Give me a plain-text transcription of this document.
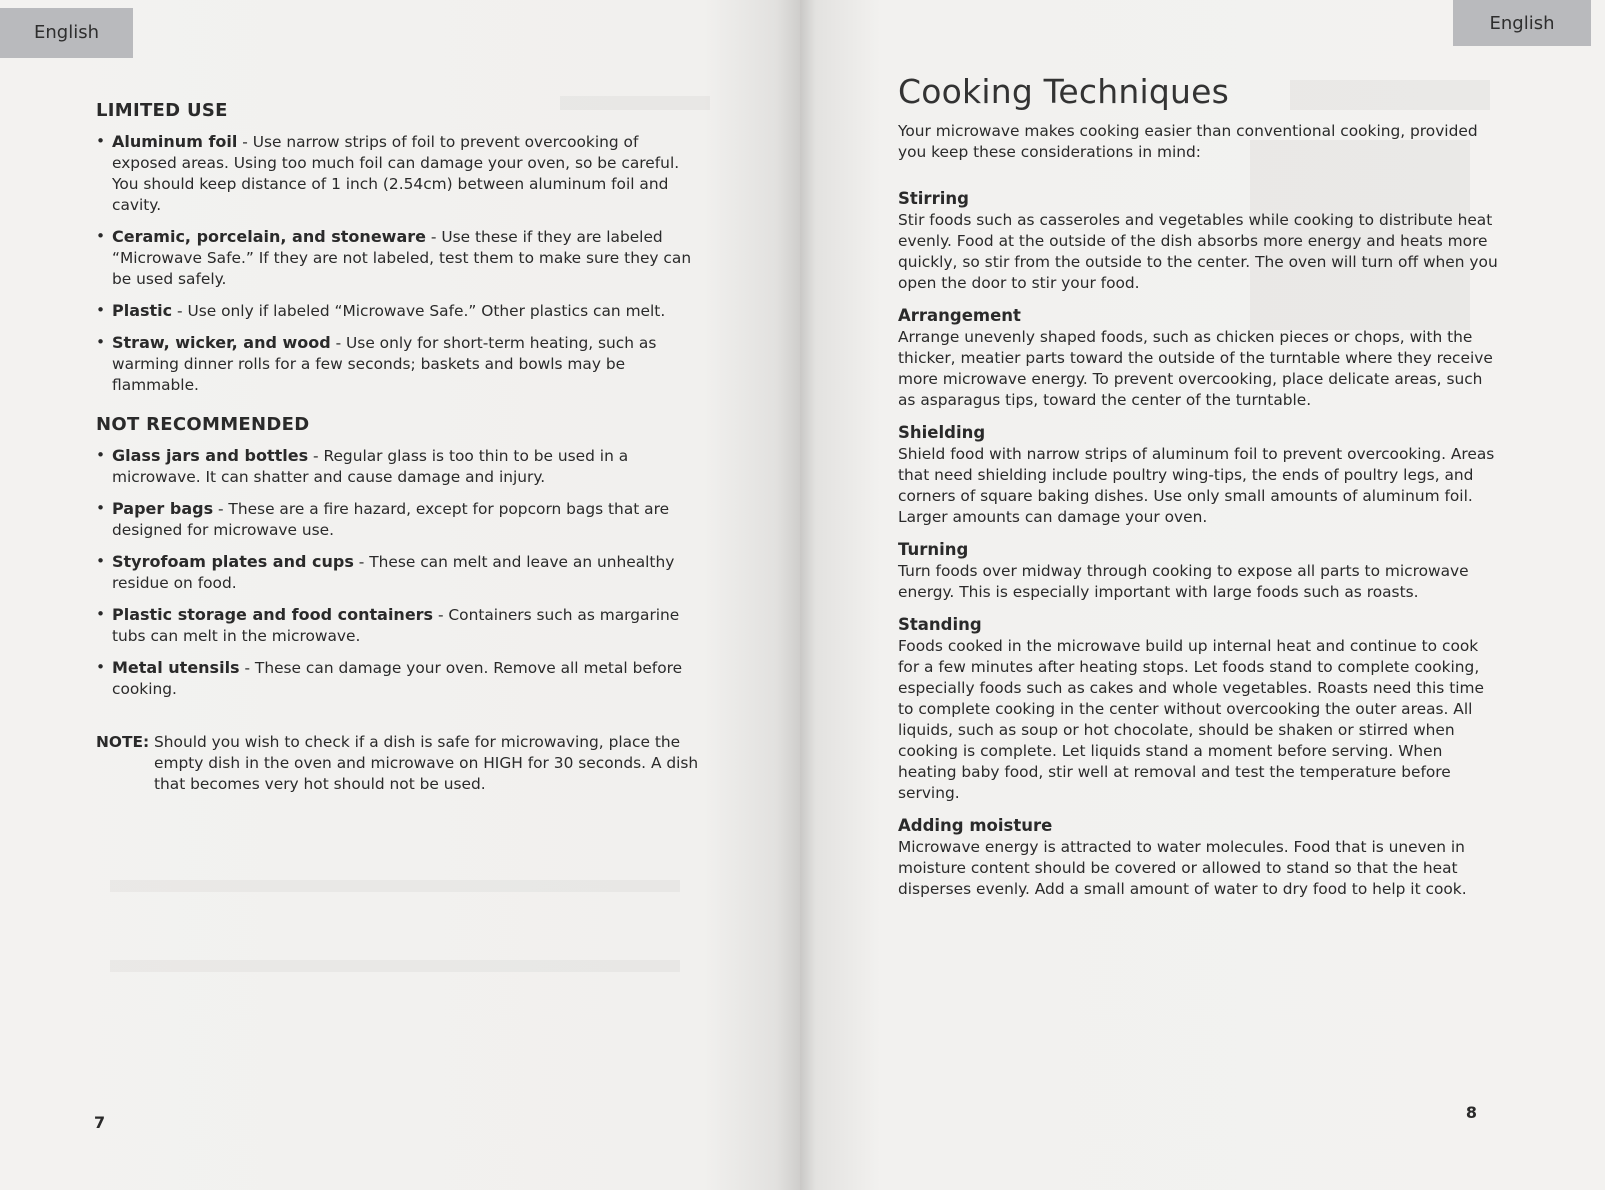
English
LIMITED USE
• Aluminum foil - Use narrow strips of foil to prevent overcooking of exposed areas. Using too much foil can damage your oven, so be careful. You should keep distance of 1 inch (2.54cm) between aluminum foil and cavity.
• Ceramic, porcelain, and stoneware - Use these if they are labeled “Microwave Safe.” If they are not labeled, test them to make sure they can be used safely.
• Plastic - Use only if labeled “Microwave Safe.” Other plastics can melt.
• Straw, wicker, and wood - Use only for short-term heating, such as warming dinner rolls for a few seconds; baskets and bowls may be flammable.
NOT RECOMMENDED
• Glass jars and bottles - Regular glass is too thin to be used in a microwave. It can shatter and cause damage and injury.
• Paper bags - These are a fire hazard, except for popcorn bags that are designed for microwave use.
• Styrofoam plates and cups - These can melt and leave an unhealthy residue on food.
• Plastic storage and food containers - Containers such as margarine tubs can melt in the microwave.
• Metal utensils - These can damage your oven. Remove all metal before cooking.
NOTE: Should you wish to check if a dish is safe for microwaving, place the empty dish in the oven and microwave on HIGH for 30 seconds. A dish that becomes very hot should not be used.
7
English
Cooking Techniques

Your microwave makes cooking easier than conventional cooking, provided you keep these considerations in mind:

Stirring

Stir foods such as casseroles and vegetables while cooking to distribute heat evenly. Food at the outside of the dish absorbs more energy and heats more quickly, so stir from the outside to the center. The oven will turn off when you open the door to stir your food.

Arrangement

Arrange unevenly shaped foods, such as chicken pieces or chops, with the thicker, meatier parts toward the outside of the turntable where they receive more microwave energy. To prevent overcooking, place delicate areas, such as asparagus tips, toward the center of the turntable.

Shielding

Shield food with narrow strips of aluminum foil to prevent overcooking. Areas that need shielding include poultry wing-tips, the ends of poultry legs, and corners of square baking dishes. Use only small amounts of aluminum foil. Larger amounts can damage your oven.

Turning

Turn foods over midway through cooking to expose all parts to microwave energy. This is especially important with large foods such as roasts.

Standing

Foods cooked in the microwave build up internal heat and continue to cook for a few minutes after heating stops. Let foods stand to complete cooking, especially foods such as cakes and whole vegetables. Roasts need this time to complete cooking in the center without overcooking the outer areas. All liquids, such as soup or hot chocolate, should be shaken or stirred when cooking is complete. Let liquids stand a moment before serving. When heating baby food, stir well at removal and test the temperature before serving.

Adding moisture

Microwave energy is attracted to water molecules. Food that is uneven in moisture content should be covered or allowed to stand so that the heat disperses evenly. Add a small amount of water to dry food to help it cook.

8
